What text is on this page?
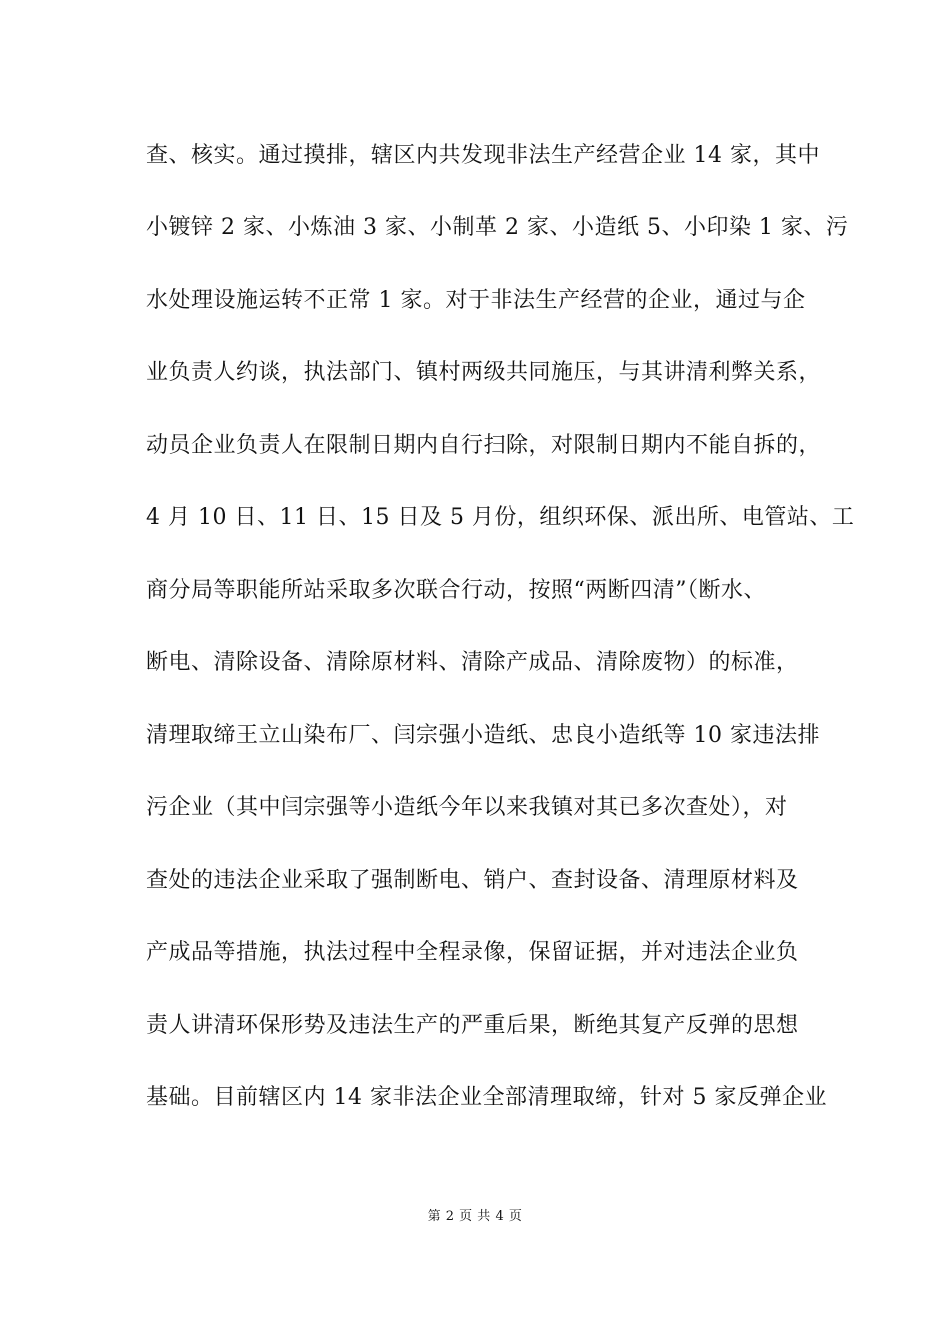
查、核实。通过摸排，辖区内共发现非法生产经营企业 14 家，其中
小镀锌 2 家、小炼油 3 家、小制革 2 家、小造纸 5、小印染 1 家、污
水处理设施运转不正常 1 家。对于非法生产经营的企业，通过与企
业负责人约谈，执法部门、镇村两级共同施压，与其讲清利弊关系，
动员企业负责人在限制日期内自行扫除，对限制日期内不能自拆的，
4 月 10 日、11 日、15 日及 5 月份，组织环保、派出所、电管站、工
商分局等职能所站采取多次联合行动，按照“两断四清”（断水、
断电、清除设备、清除原材料、清除产成品、清除废物）的标准，
清理取缔王立山染布厂、闫宗强小造纸、忠良小造纸等 10 家违法排
污企业（其中闫宗强等小造纸今年以来我镇对其已多次查处），对
查处的违法企业采取了强制断电、销户、查封设备、清理原材料及
产成品等措施，执法过程中全程录像，保留证据，并对违法企业负
责人讲清环保形势及违法生产的严重后果，断绝其复产反弹的思想
基础。目前辖区内 14 家非法企业全部清理取缔，针对 5 家反弹企业
第 2 页 共 4 页
